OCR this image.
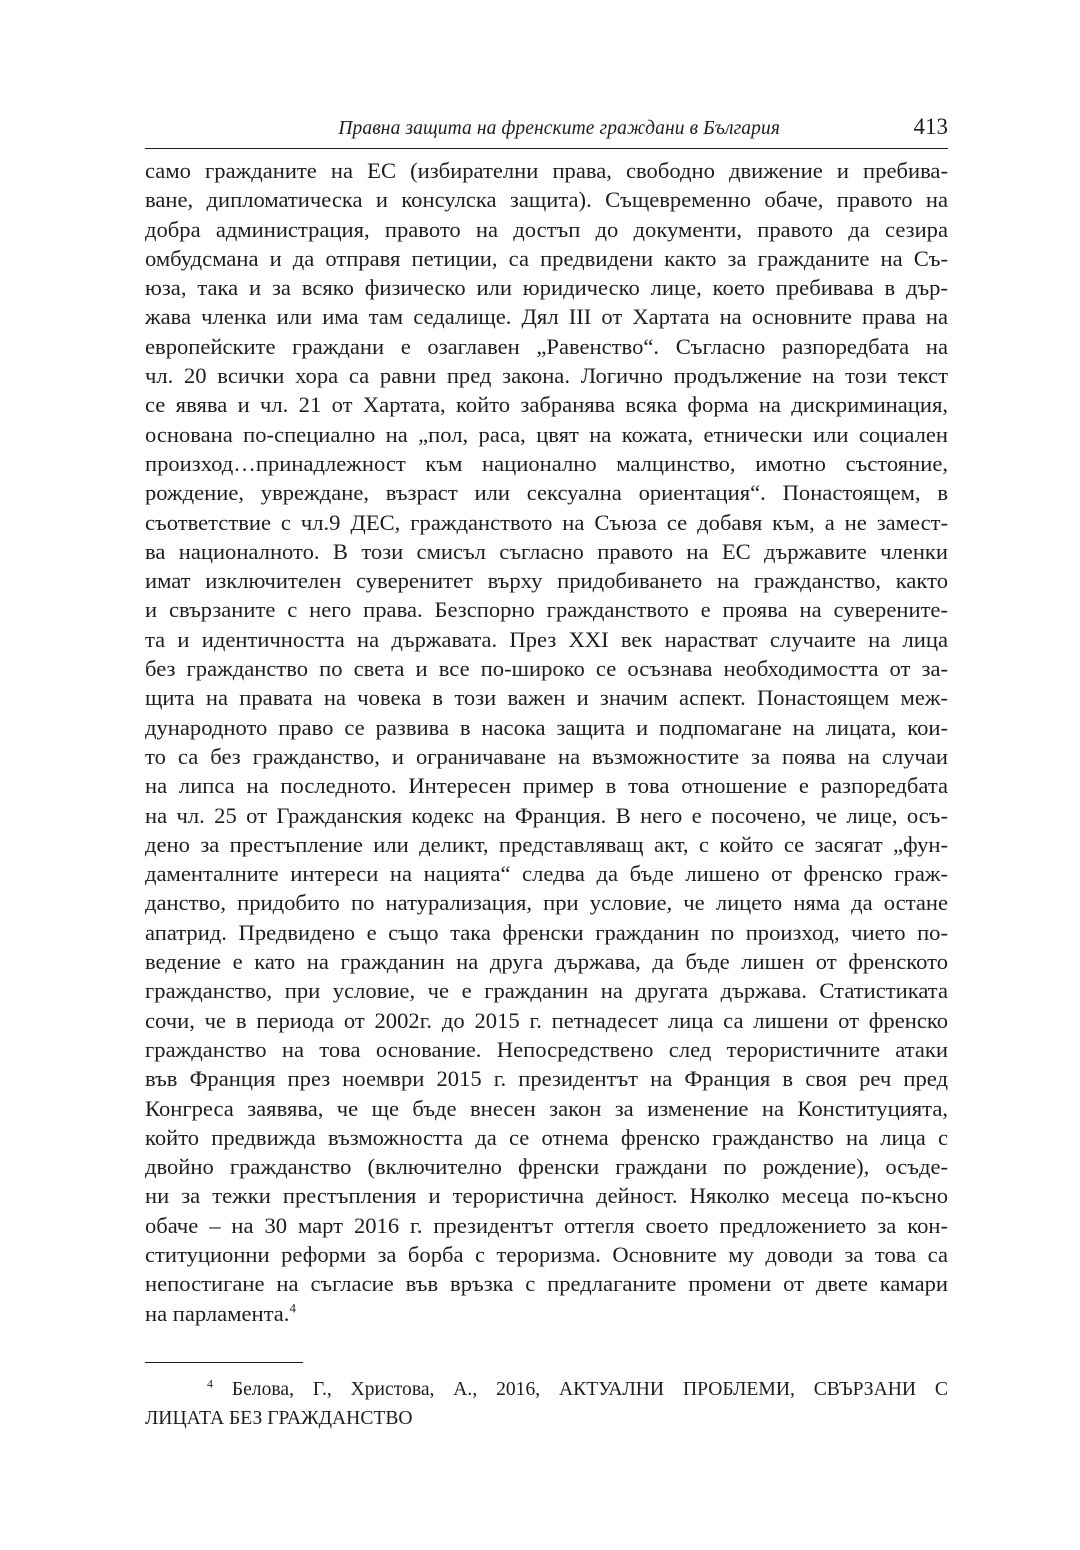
Правна защита на френските граждани в България	413
само гражданите на ЕС (избирателни права, свободно движение и пребива-
ване, дипломатическа и консулска защита). Същевременно обаче, правото на
добра администрация, правото на достъп до документи, правото да сезира
омбудсмана и да отправя петиции, са предвидени както за гражданите на Съ-
юза, така и за всяко физическо или юридическо лице, което пребивава в дър-
жава членка или има там седалище. Дял III от Хартата на основните права на
европейските граждани е озаглавен „Равенство“. Съгласно разпоредбата на
чл. 20 всички хора са равни пред закона. Логично продължение на този текст
се явява и чл. 21 от Хартата, който забранява всяка форма на дискриминация,
основана по-специално на „пол, раса, цвят на кожата, етнически или социален
произход…принадлежност към национално малцинство, имотно състояние,
рождение, увреждане, възраст или сексуална ориентация“. Понастоящем, в
съответствие с чл.9 ДЕС, гражданството на Съюза се добавя към, а не замест-
ва националното. В този смисъл съгласно правото на ЕС държавите членки
имат изключителен суверенитет върху придобиването на гражданство, както
и свързаните с него права. Безспорно гражданството е проява на суверените-
та и идентичността на държавата. През XXI век нарастват случаите на лица
без гражданство по света и все по-широко се осъзнава необходимостта от за-
щита на правата на човека в този важен и значим аспект. Понастоящем меж-
дународното право се развива в насока защита и подпомагане на лицата, кои-
то са без гражданство, и ограничаване на възможностите за поява на случаи
на липса на последното. Интересен пример в това отношение е разпоредбата
на чл. 25 от Гражданския кодекс на Франция. В него е посочено, че лице, осъ-
дено за престъпление или деликт, представляващ акт, с който се засягат „фун-
даменталните интереси на нацията“ следва да бъде лишено от френско граж-
данство, придобито по натурализация, при условие, че лицето няма да остане
апатрид. Предвидено е също така френски гражданин по произход, чието по-
ведение е като на гражданин на друга държава, да бъде лишен от френското
гражданство, при условие, че е гражданин на другата държава. Статистиката
сочи, че в периода от 2002г. до 2015 г. петнадесет лица са лишени от френско
гражданство на това основание. Непосредствено след терористичните атаки
във Франция през ноември 2015 г. президентът на Франция в своя реч пред
Конгреса заявява, че ще бъде внесен закон за изменение на Конституцията,
който предвижда възможността да се отнема френско гражданство на лица с
двойно гражданство (включително френски граждани по рождение), осъде-
ни за тежки престъпления и терористична дейност. Няколко месеца по-късно
обаче – на 30 март 2016 г. президентът оттегля своето предложението за кон-
ституционни реформи за борба с тероризма. Основните му доводи за това са
непостигане на съгласие във връзка с предлаганите промени от двете камари
на парламента.$^4$
$^4$ Белова, Г., Христова, А., 2016, АКТУАЛНИ ПРОБЛЕМИ, СВЪРЗАНИ С
ЛИЦАТА БЕЗ ГРАЖДАНСТВО
